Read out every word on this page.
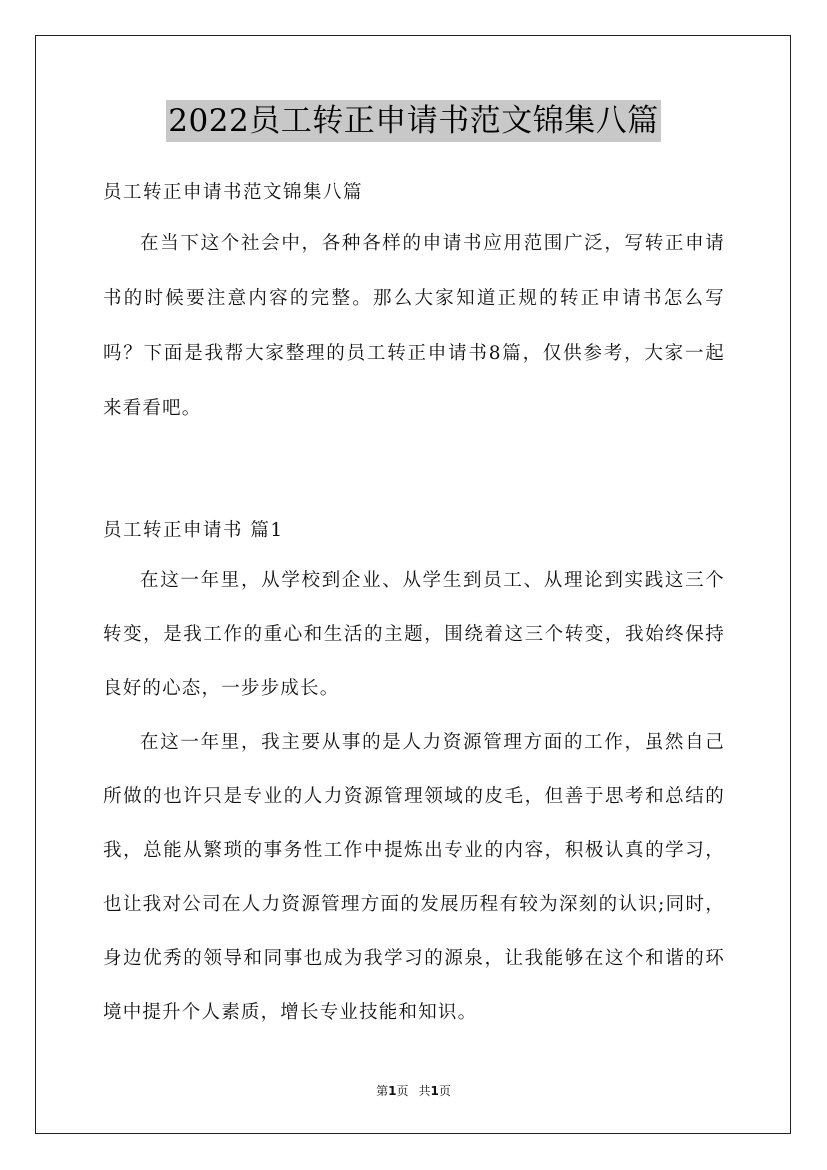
2022员工转正申请书范文锦集八篇

员工转正申请书范文锦集八篇

在当下这个社会中，各种各样的申请书应用范围广泛，写转正申请书的时候要注意内容的完整。那么大家知道正规的转正申请书怎么写吗？下面是我帮大家整理的员工转正申请书8篇，仅供参考，大家一起来看看吧。

员工转正申请书 篇1

在这一年里，从学校到企业、从学生到员工、从理论到实践这三个转变，是我工作的重心和生活的主题，围绕着这三个转变，我始终保持良好的心态，一步步成长。

在这一年里，我主要从事的是人力资源管理方面的工作，虽然自己所做的也许只是专业的人力资源管理领域的皮毛，但善于思考和总结的我，总能从繁琐的事务性工作中提炼出专业的内容，积极认真的学习，也让我对公司在人力资源管理方面的发展历程有较为深刻的认识;同时，身边优秀的领导和同事也成为我学习的源泉，让我能够在这个和谐的环境中提升个人素质，增长专业技能和知识。

第1页 共1页
